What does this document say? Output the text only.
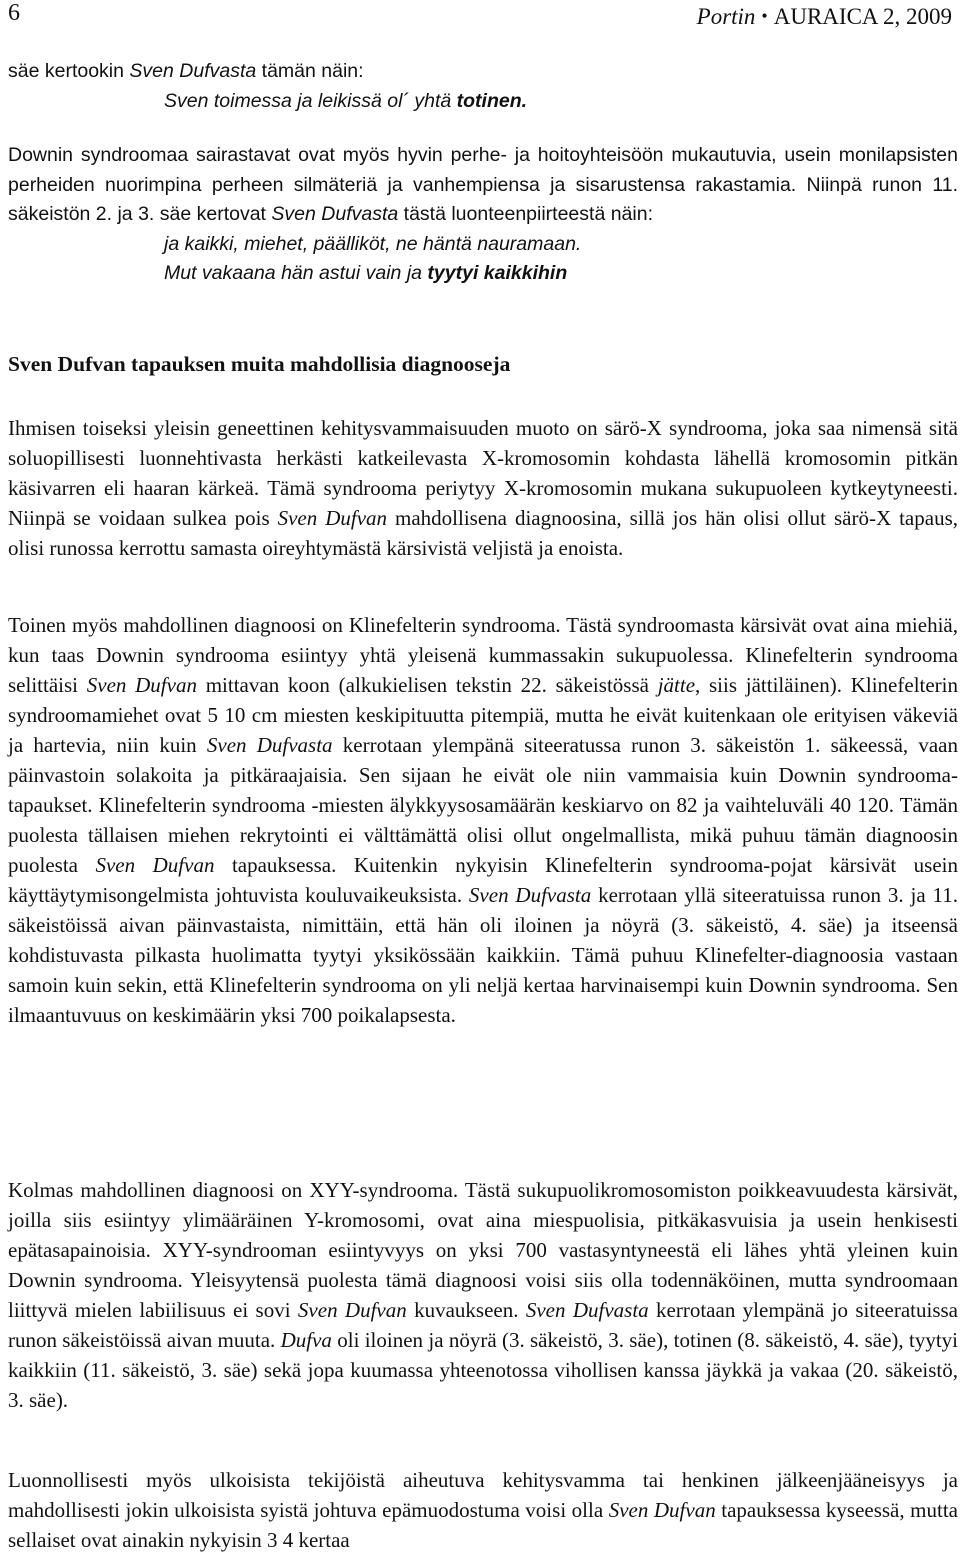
6	Portin • AURAICA 2, 2009

säe kertookin Sven Dufvasta tämän näin:

Sven toimessa ja leikissä ol´ yhtä totinen.

Downin syndroomaa sairastavat ovat myös hyvin perhe- ja hoitoyhteisöön mukautuvia, usein monilapsisten perheiden nuorimpina perheen silmäteriä ja vanhempiensa ja sisarustensa rakastamia. Niinpä runon 11. säkeistön 2. ja 3. säe kertovat Sven Dufvasta tästä luonteenpiirteestä näin:

ja kaikki, miehet, päälliköt, ne häntä nauramaan.

Mut vakaana hän astui vain ja tyytyi kaikkihin

Sven Dufvan tapauksen muita mahdollisia diagnooseja

Ihmisen toiseksi yleisin geneettinen kehitysvammaisuuden muoto on särö-X syndrooma, joka saa nimensä sitä soluopillisesti luonnehtivasta herkästi katkeilevasta X-kromosomin kohdasta lähellä kromosomin pitkän käsivarren eli haaran kärkeä. Tämä syndrooma periytyy X-kromosomin mukana sukupuoleen kytkeytyneesti. Niinpä se voidaan sulkea pois Sven Dufvan mahdollisena diagnoosina, sillä jos hän olisi ollut särö-X tapaus, olisi runossa kerrottu samasta oireyhtymästä kärsivistä veljistä ja enoista.

Toinen myös mahdollinen diagnoosi on Klinefelterin syndrooma. Tästä syndroomasta kärsivät ovat aina miehiä, kun taas Downin syndrooma esiintyy yhtä yleisenä kummassakin sukupuolessa. Klinefelterin syndrooma selittäisi Sven Dufvan mittavan koon (alkukielisen tekstin 22. säkeistössä jätte, siis jättiläinen). Klinefelterin syndroomamiehet ovat 5 10 cm miesten keskipituutta pitempiä, mutta he eivät kuitenkaan ole erityisen väkeviä ja hartevia, niin kuin Sven Dufvasta kerrotaan ylempänä siteeratussa runon 3. säkeistön 1. säkeessä, vaan päinvastoin solakoita ja pitkäraajaisia. Sen sijaan he eivät ole niin vammaisia kuin Downin syndrooma-tapaukset. Klinefelterin syndrooma -miesten älykkyysosamäärän keskiarvo on 82 ja vaihteluväli 40 120. Tämän puolesta tällaisen miehen rekrytointi ei välttämättä olisi ollut ongelmallista, mikä puhuu tämän diagnoosin puolesta Sven Dufvan tapauksessa. Kuitenkin nykyisin Klinefelterin syndrooma-pojat kärsivät usein käyttäytymisongelmista johtuvista kouluvaikeuksista. Sven Dufvasta kerrotaan yllä siteeratuissa runon 3. ja 11. säkeistöissä aivan päinvastaista, nimittäin, että hän oli iloinen ja nöyrä (3. säkeistö, 4. säe) ja itseensä kohdistuvasta pilkasta huolimatta tyytyi yksikössään kaikkiin. Tämä puhuu Klinefelter-diagnoosia vastaan samoin kuin sekin, että Klinefelterin syndrooma on yli neljä kertaa harvinaisempi kuin Downin syndrooma. Sen ilmaantuvuus on keskimäärin yksi 700 poikalapsesta.

Kolmas mahdollinen diagnoosi on XYY-syndrooma. Tästä sukupuolikromosomiston poikkeavuudesta kärsivät, joilla siis esiintyy ylimääräinen Y-kromosomi, ovat aina miespuolisia, pitkäkasvuisia ja usein henkisesti epätasapainoisia. XYY-syndrooman esiintyvyys on yksi 700 vastasyntyneestä eli lähes yhtä yleinen kuin Downin syndrooma. Yleisyytensä puolesta tämä diagnoosi voisi siis olla todennäköinen, mutta syndroomaan liittyvä mielen labiilisuus ei sovi Sven Dufvan kuvaukseen. Sven Dufvasta kerrotaan ylempänä jo siteeratuissa runon säkeistöissä aivan muuta. Dufva oli iloinen ja nöyrä (3. säkeistö, 3. säe), totinen (8. säkeistö, 4. säe), tyytyi kaikkiin (11. säkeistö, 3. säe) sekä jopa kuumassa yhteenotossa vihollisen kanssa jäykkä ja vakaa (20. säkeistö, 3. säe).

Luonnollisesti myös ulkoisista tekijöistä aiheutuva kehitysvamma tai henkinen jälkeenjääneisyys ja mahdollisesti jokin ulkoisista syistä johtuva epämuodostuma voisi olla Sven Dufvan tapauksessa kyseessä, mutta sellaiset ovat ainakin nykyisin 3 4 kertaa
